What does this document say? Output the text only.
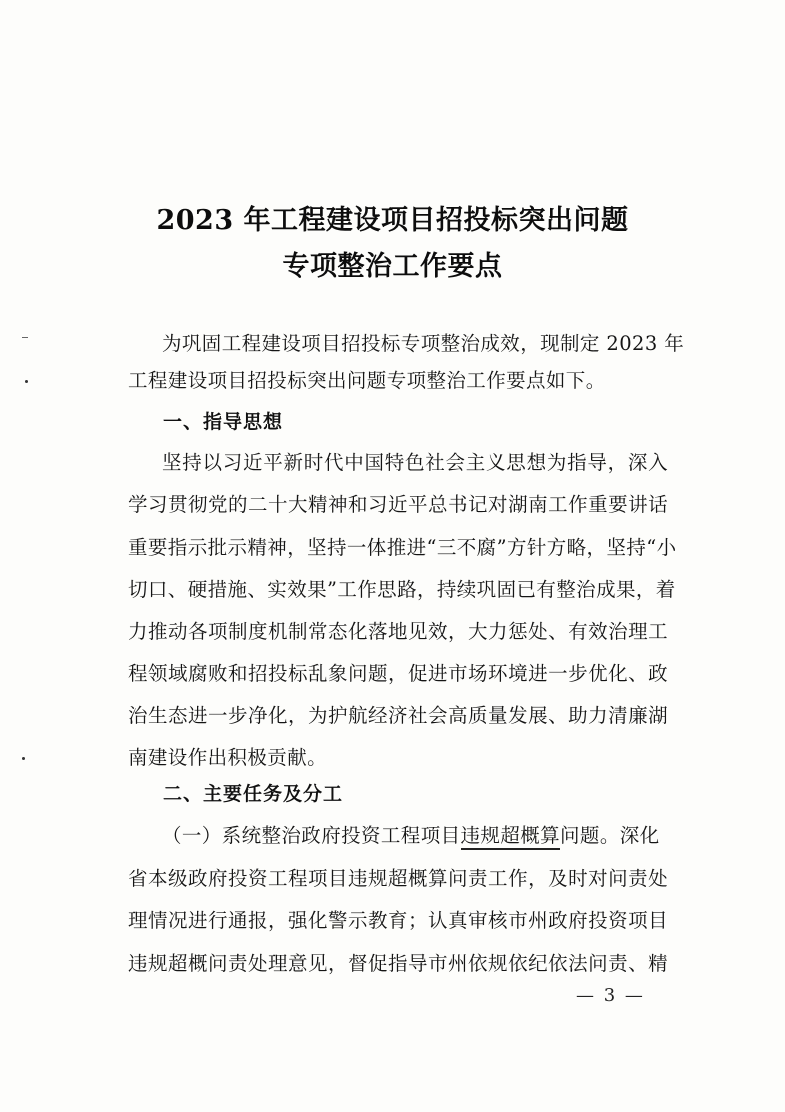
2023 年工程建设项目招投标突出问题
专项整治工作要点
为巩固工程建设项目招投标专项整治成效，现制定 2023 年
工程建设项目招投标突出问题专项整治工作要点如下。
一、指导思想
坚持以习近平新时代中国特色社会主义思想为指导，深入
学习贯彻党的二十大精神和习近平总书记对湖南工作重要讲话
重要指示批示精神，坚持一体推进“三不腐”方针方略，坚持“小
切口、硬措施、实效果”工作思路，持续巩固已有整治成果，着
力推动各项制度机制常态化落地见效，大力惩处、有效治理工
程领域腐败和招投标乱象问题，促进市场环境进一步优化、政
治生态进一步净化，为护航经济社会高质量发展、助力清廉湖
南建设作出积极贡献。
二、主要任务及分工
（一）系统整治政府投资工程项目违规超概算问题。深化
省本级政府投资工程项目违规超概算问责工作，及时对问责处
理情况进行通报，强化警示教育；认真审核市州政府投资项目
违规超概问责处理意见，督促指导市州依规依纪依法问责、精
— 3 —
